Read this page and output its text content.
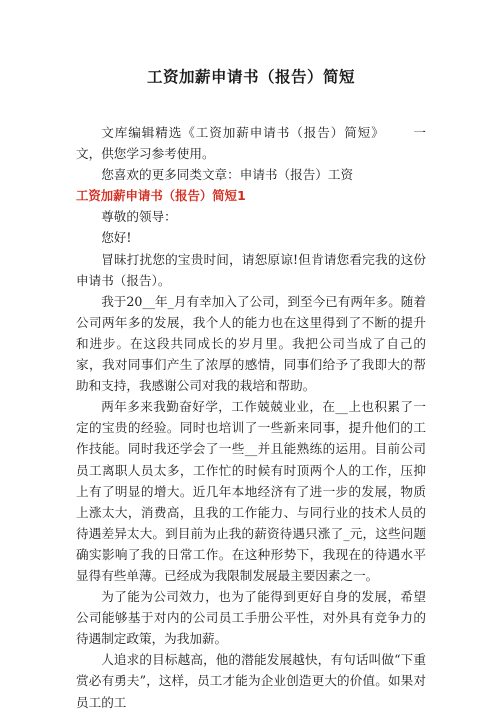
工资加薪申请书（报告）简短

文库编辑精选《工资加薪申请书（报告）简短》 一文，供您学习参考使用。

您喜欢的更多同类文章：申请书（报告）工资

工资加薪申请书（报告）简短1

尊敬的领导：

您好!

冒昧打扰您的宝贵时间，请恕原谅!但肯请您看完我的这份申请书（报告）。

我于20__年_月有幸加入了公司，到至今已有两年多。随着公司两年多的发展，我个人的能力也在这里得到了不断的提升和进步。在这段共同成长的岁月里。我把公司当成了自己的家，我对同事们产生了浓厚的感情，同事们给予了我即大的帮助和支持，我感谢公司对我的栽培和帮助。

两年多来我勤奋好学，工作兢兢业业，在__上也积累了一定的宝贵的经验。同时也培训了一些新来同事，提升他们的工作技能。同时我还学会了一些__并且能熟练的运用。目前公司员工离职人员太多，工作忙的时候有时顶两个人的工作，压抑上有了明显的增大。近几年本地经济有了进一步的发展，物质上涨太大，消费高，且我的工作能力、与同行业的技术人员的待遇差异太大。到目前为止我的薪资待遇只涨了_元，这些问题确实影响了我的日常工作。在这种形势下，我现在的待遇水平显得有些单薄。已经成为我限制发展最主要因素之一。

为了能为公司效力，也为了能得到更好自身的发展，希望公司能够基于对内的公司员工手册公平性，对外具有竞争力的待遇制定政策，为我加薪。

人追求的目标越高，他的潜能发展越快，有句话叫做“下重赏必有勇夫”，这样，员工才能为企业创造更大的价值。如果对员工的工
